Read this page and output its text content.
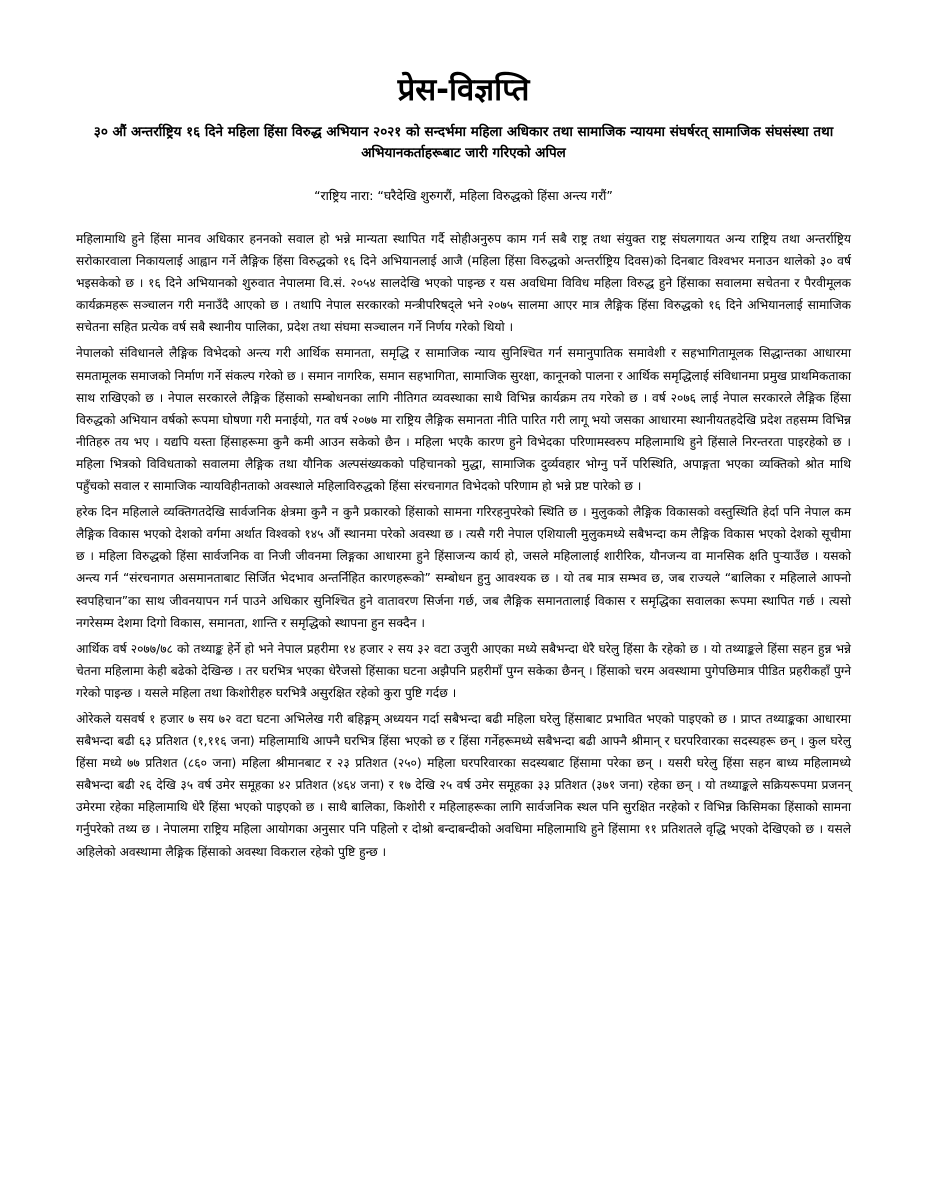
प्रेस-विज्ञप्ति
३० औं अन्तर्राष्ट्रिय १६ दिने महिला हिंसा विरुद्ध अभियान २०२१ को सन्दर्भमा महिला अधिकार तथा सामाजिक न्यायमा संघर्षरत् सामाजिक संघसंस्था तथा अभियानकर्ताहरूबाट जारी गरिएको अपिल
“राष्ट्रिय नारा: “घरैदेखि शुरुगरौं, महिला विरुद्धको हिंसा अन्त्य गरौं”

महिलामाथि हुने हिंसा मानव अधिकार हननको सवाल हो भन्ने मान्यता स्थापित गर्दै सोहीअनुरुप काम गर्न सबै राष्ट्र तथा संयुक्त राष्ट्र संघलगायत अन्य राष्ट्रिय तथा अन्तर्राष्ट्रिय सरोकारवाला निकायलाई आह्वान गर्ने लैङ्गिक हिंसा विरुद्धको १६ दिने अभियानलाई आजै (महिला हिंसा विरुद्धको अन्तर्राष्ट्रिय दिवस)को दिनबाट विश्वभर मनाउन थालेको ३० वर्ष भइसकेको छ । १६ दिने अभियानको शुरुवात नेपालमा वि.सं. २०५४ सालदेखि भएको पाइन्छ र यस अवधिमा विविध महिला विरुद्ध हुने हिंसाका सवालमा सचेतना र पैरवीमूलक कार्यक्रमहरू सञ्चालन गरी मनाउँदै आएको छ । तथापि नेपाल सरकारको मन्त्रीपरिषद्ले भने २०७५ सालमा आएर मात्र लैङ्गिक हिंसा विरुद्धको १६ दिने अभियानलाई सामाजिक सचेतना सहित प्रत्येक वर्ष सबै स्थानीय पालिका, प्रदेश तथा संघमा सञ्चालन गर्ने निर्णय गरेको थियो ।

नेपालको संविधानले लैङ्गिक विभेदको अन्त्य गरी आर्थिक समानता, समृद्धि र सामाजिक न्याय सुनिश्चित गर्न समानुपातिक समावेशी र सहभागितामूलक सिद्धान्तका आधारमा समतामूलक समाजको निर्माण गर्ने संकल्प गरेको छ । समान नागरिक, समान सहभागिता, सामाजिक सुरक्षा, कानूनको पालना र आर्थिक समृद्धिलाई संविधानमा प्रमुख प्राथमिकताका साथ राखिएको छ । नेपाल सरकारले लैङ्गिक हिंसाको सम्बोधनका लागि नीतिगत व्यवस्थाका साथै विभिन्न कार्यक्रम तय गरेको छ । वर्ष २०७६ लाई नेपाल सरकारले लैङ्गिक हिंसा विरुद्धको अभियान वर्षको रूपमा घोषणा गरी मनाईयो, गत वर्ष २०७७ मा राष्ट्रिय लैङ्गिक समानता नीति पारित गरी लागू भयो जसका आधारमा स्थानीयतहदेखि प्रदेश तहसम्म विभिन्न नीतिहरु तय भए । यद्यपि यस्ता हिंसाहरूमा कुनै कमी आउन सकेको छैन । महिला भएकै कारण हुने विभेदका परिणामस्वरुप महिलामाथि हुने हिंसाले निरन्तरता पाइरहेको छ । महिला भित्रको विविधताको सवालमा लैङ्गिक तथा यौनिक अल्पसंख्यकको पहिचानको मुद्धा, सामाजिक दुर्व्यवहार भोग्नु पर्ने परिस्थिति, अपाङ्गता भएका व्यक्तिको श्रोत माथि पहुँचको सवाल र सामाजिक न्यायविहीनताको अवस्थाले महिलाविरुद्धको हिंसा संरचनागत विभेदको परिणाम हो भन्ने प्रष्ट पारेको छ ।

हरेक दिन महिलाले व्यक्तिगतदेखि सार्वजनिक क्षेत्रमा कुनै न कुनै प्रकारको हिंसाको सामना गरिरहनुपरेको स्थिति छ । मुलुकको लैङ्गिक विकासको वस्तुस्थिति हेर्दा पनि नेपाल कम लैङ्गिक विकास भएको देशको वर्गमा अर्थात विश्वको १४५ औं स्थानमा परेको अवस्था छ । त्यसै गरी नेपाल एशियाली मुलुकमध्ये सबैभन्दा कम लैङ्गिक विकास भएको देशको सूचीमा छ । महिला विरुद्धको हिंसा सार्वजनिक वा निजी जीवनमा लिङ्गका आधारमा हुने हिंसाजन्य कार्य हो, जसले महिलालाई शारीरिक, यौनजन्य वा मानसिक क्षति पुऱ्याउँछ । यसको अन्त्य गर्न “संरचनागत असमानताबाट सिर्जित भेदभाव अन्तर्निहित कारणहरूको” सम्बोधन हुनु आवश्यक छ । यो तब मात्र सम्भव छ, जब राज्यले “बालिका र महिलाले आफ्नो स्वपहिचान”का साथ जीवनयापन गर्न पाउने अधिकार सुनिश्चित हुने वातावरण सिर्जना गर्छ, जब लैङ्गिक समानतालाई विकास र समृद्धिका सवालका रूपमा स्थापित गर्छ । त्यसो नगरेसम्म देशमा दिगो विकास, समानता, शान्ति र समृद्धिको स्थापना हुन सक्दैन ।

आर्थिक वर्ष २०७७/७८ को तथ्याङ्क हेर्ने हो भने नेपाल प्रहरीमा १४ हजार २ सय ३२ वटा उजुरी आएका मध्ये सबैभन्दा धेरै घरेलु हिंसा कै रहेको छ । यो तथ्याङ्कले हिंसा सहन हुन्न भन्ने चेतना महिलामा केही बढेको देखिन्छ । तर घरभित्र भएका धेरैजसो हिंसाका घटना अझैपनि प्रहरीमाँ पुग्न सकेका छैनन् । हिंसाको चरम अवस्थामा पुगेपछिमात्र पीडित प्रहरीकहाँ पुग्ने गरेको पाइन्छ । यसले महिला तथा किशोरीहरु घरभित्रै असुरक्षित रहेको कुरा पुष्टि गर्दछ ।

ओरेकले यसवर्ष १ हजार ७ सय ७२ वटा घटना अभिलेख गरी बहिङ्गम् अध्ययन गर्दा सबैभन्दा बढी महिला घरेलु हिंसाबाट प्रभावित भएको पाइएको छ । प्राप्त तथ्याङ्कका आधारमा सबैभन्दा बढी ६३ प्रतिशत (१,११६ जना) महिलामाथि आफ्नै घरभित्र हिंसा भएको छ र हिंसा गर्नेहरूमध्ये सबैभन्दा बढी आफ्नै श्रीमान् र घरपरिवारका सदस्यहरू छन् । कुल घरेलु हिंसा मध्ये ७७ प्रतिशत (८६० जना) महिला श्रीमानबाट र २३ प्रतिशत (२५०) महिला घरपरिवारका सदस्यबाट हिंसामा परेका छन् । यसरी घरेलु हिंसा सहन बाध्य महिलामध्ये सबैभन्दा बढी २६ देखि ३५ वर्ष उमेर समूहका ४२ प्रतिशत (४६४ जना) र १७ देखि २५ वर्ष उमेर समूहका ३३ प्रतिशत (३७१ जना) रहेका छन् । यो तथ्याङ्कले सक्रियरूपमा प्रजनन् उमेरमा रहेका महिलामाथि धेरै हिंसा भएको पाइएको छ । साथै बालिका, किशोरी र महिलाहरूका लागि सार्वजनिक स्थल पनि सुरक्षित नरहेको र विभिन्न किसिमका हिंसाको सामना गर्नुपरेको तथ्य छ । नेपालमा राष्ट्रिय महिला आयोगका अनुसार पनि पहिलो र दोश्रो बन्दाबन्दीको अवधिमा महिलामाथि हुने हिंसामा ११ प्रतिशतले वृद्धि भएको देखिएको छ । यसले अहिलेको अवस्थामा लैङ्गिक हिंसाको अवस्था विकराल रहेको पुष्टि हुन्छ ।
